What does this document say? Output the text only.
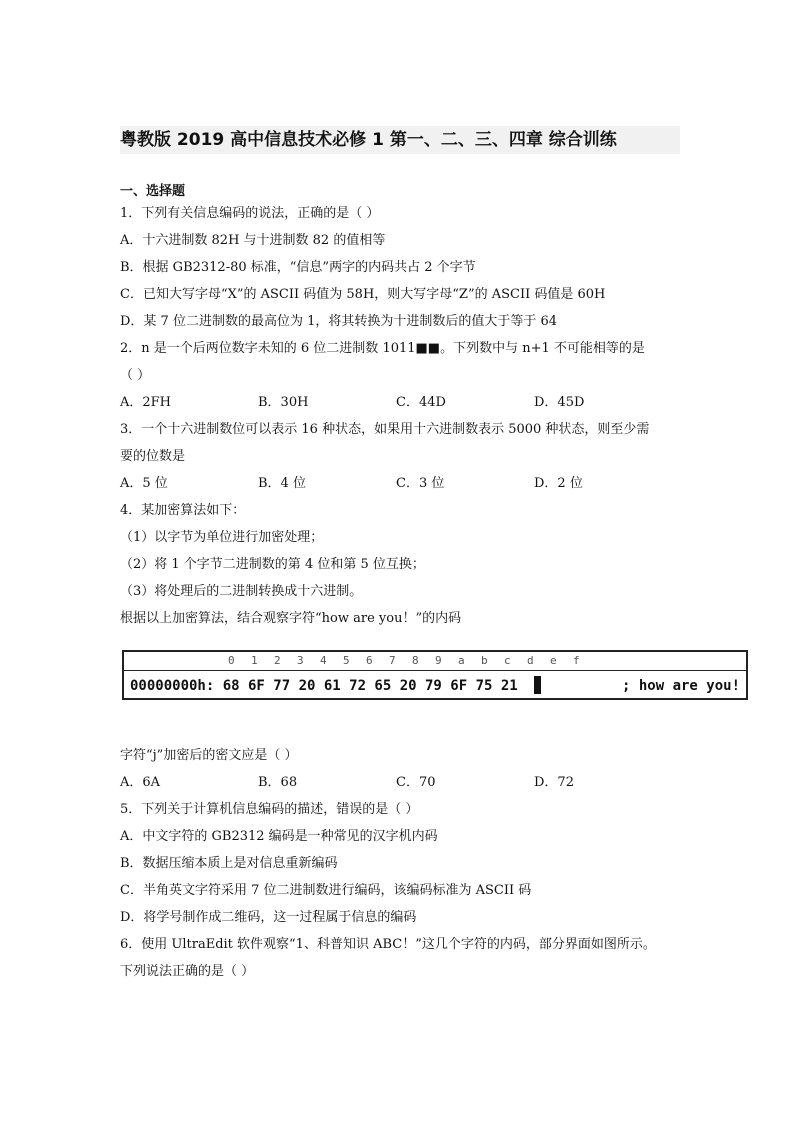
粤教版 2019 高中信息技术必修 1 第一、二、三、四章 综合训练
一、选择题
1．下列有关信息编码的说法，正确的是（ ）
A．十六进制数 82H 与十进制数 82 的值相等
B．根据 GB2312-80 标准，“信息”两字的内码共占 2 个字节
C．已知大写字母“X”的 ASCII 码值为 58H，则大写字母“Z”的 ASCII 码值是 60H
D．某 7 位二进制数的最高位为 1，将其转换为十进制数后的值大于等于 64
2．n 是一个后两位数字未知的 6 位二进制数 1011■■。下列数中与 n+1 不可能相等的是
（ ）
A．2FH	B．30H	C．44D	D．45D
3．一个十六进制数位可以表示 16 种状态，如果用十六进制数表示 5000 种状态，则至少需
要的位数是
A．5 位	B．4 位	C．3 位	D．2 位
4．某加密算法如下：
（1）以字节为单位进行加密处理；
（2）将 1 个字节二进制数的第 4 位和第 5 位互换；
（3）将处理后的二进制转换成十六进制。
根据以上加密算法，结合观察字符“how are you！”的内码
0 1 2 3 4 5 6 7 8 9 a b c d e f
00000000h: 68 6F 77 20 61 72 65 20 79 6F 75 21	; how are you!
字符“j”加密后的密文应是（ ）
A．6A	B．68	C．70	D．72
5．下列关于计算机信息编码的描述，错误的是（ ）
A．中文字符的 GB2312 编码是一种常见的汉字机内码
B．数据压缩本质上是对信息重新编码
C．半角英文字符采用 7 位二进制数进行编码，该编码标准为 ASCII 码
D．将学号制作成二维码，这一过程属于信息的编码
6．使用 UltraEdit 软件观察“1、科普知识 ABC！”这几个字符的内码，部分界面如图所示。
下列说法正确的是（ ）
